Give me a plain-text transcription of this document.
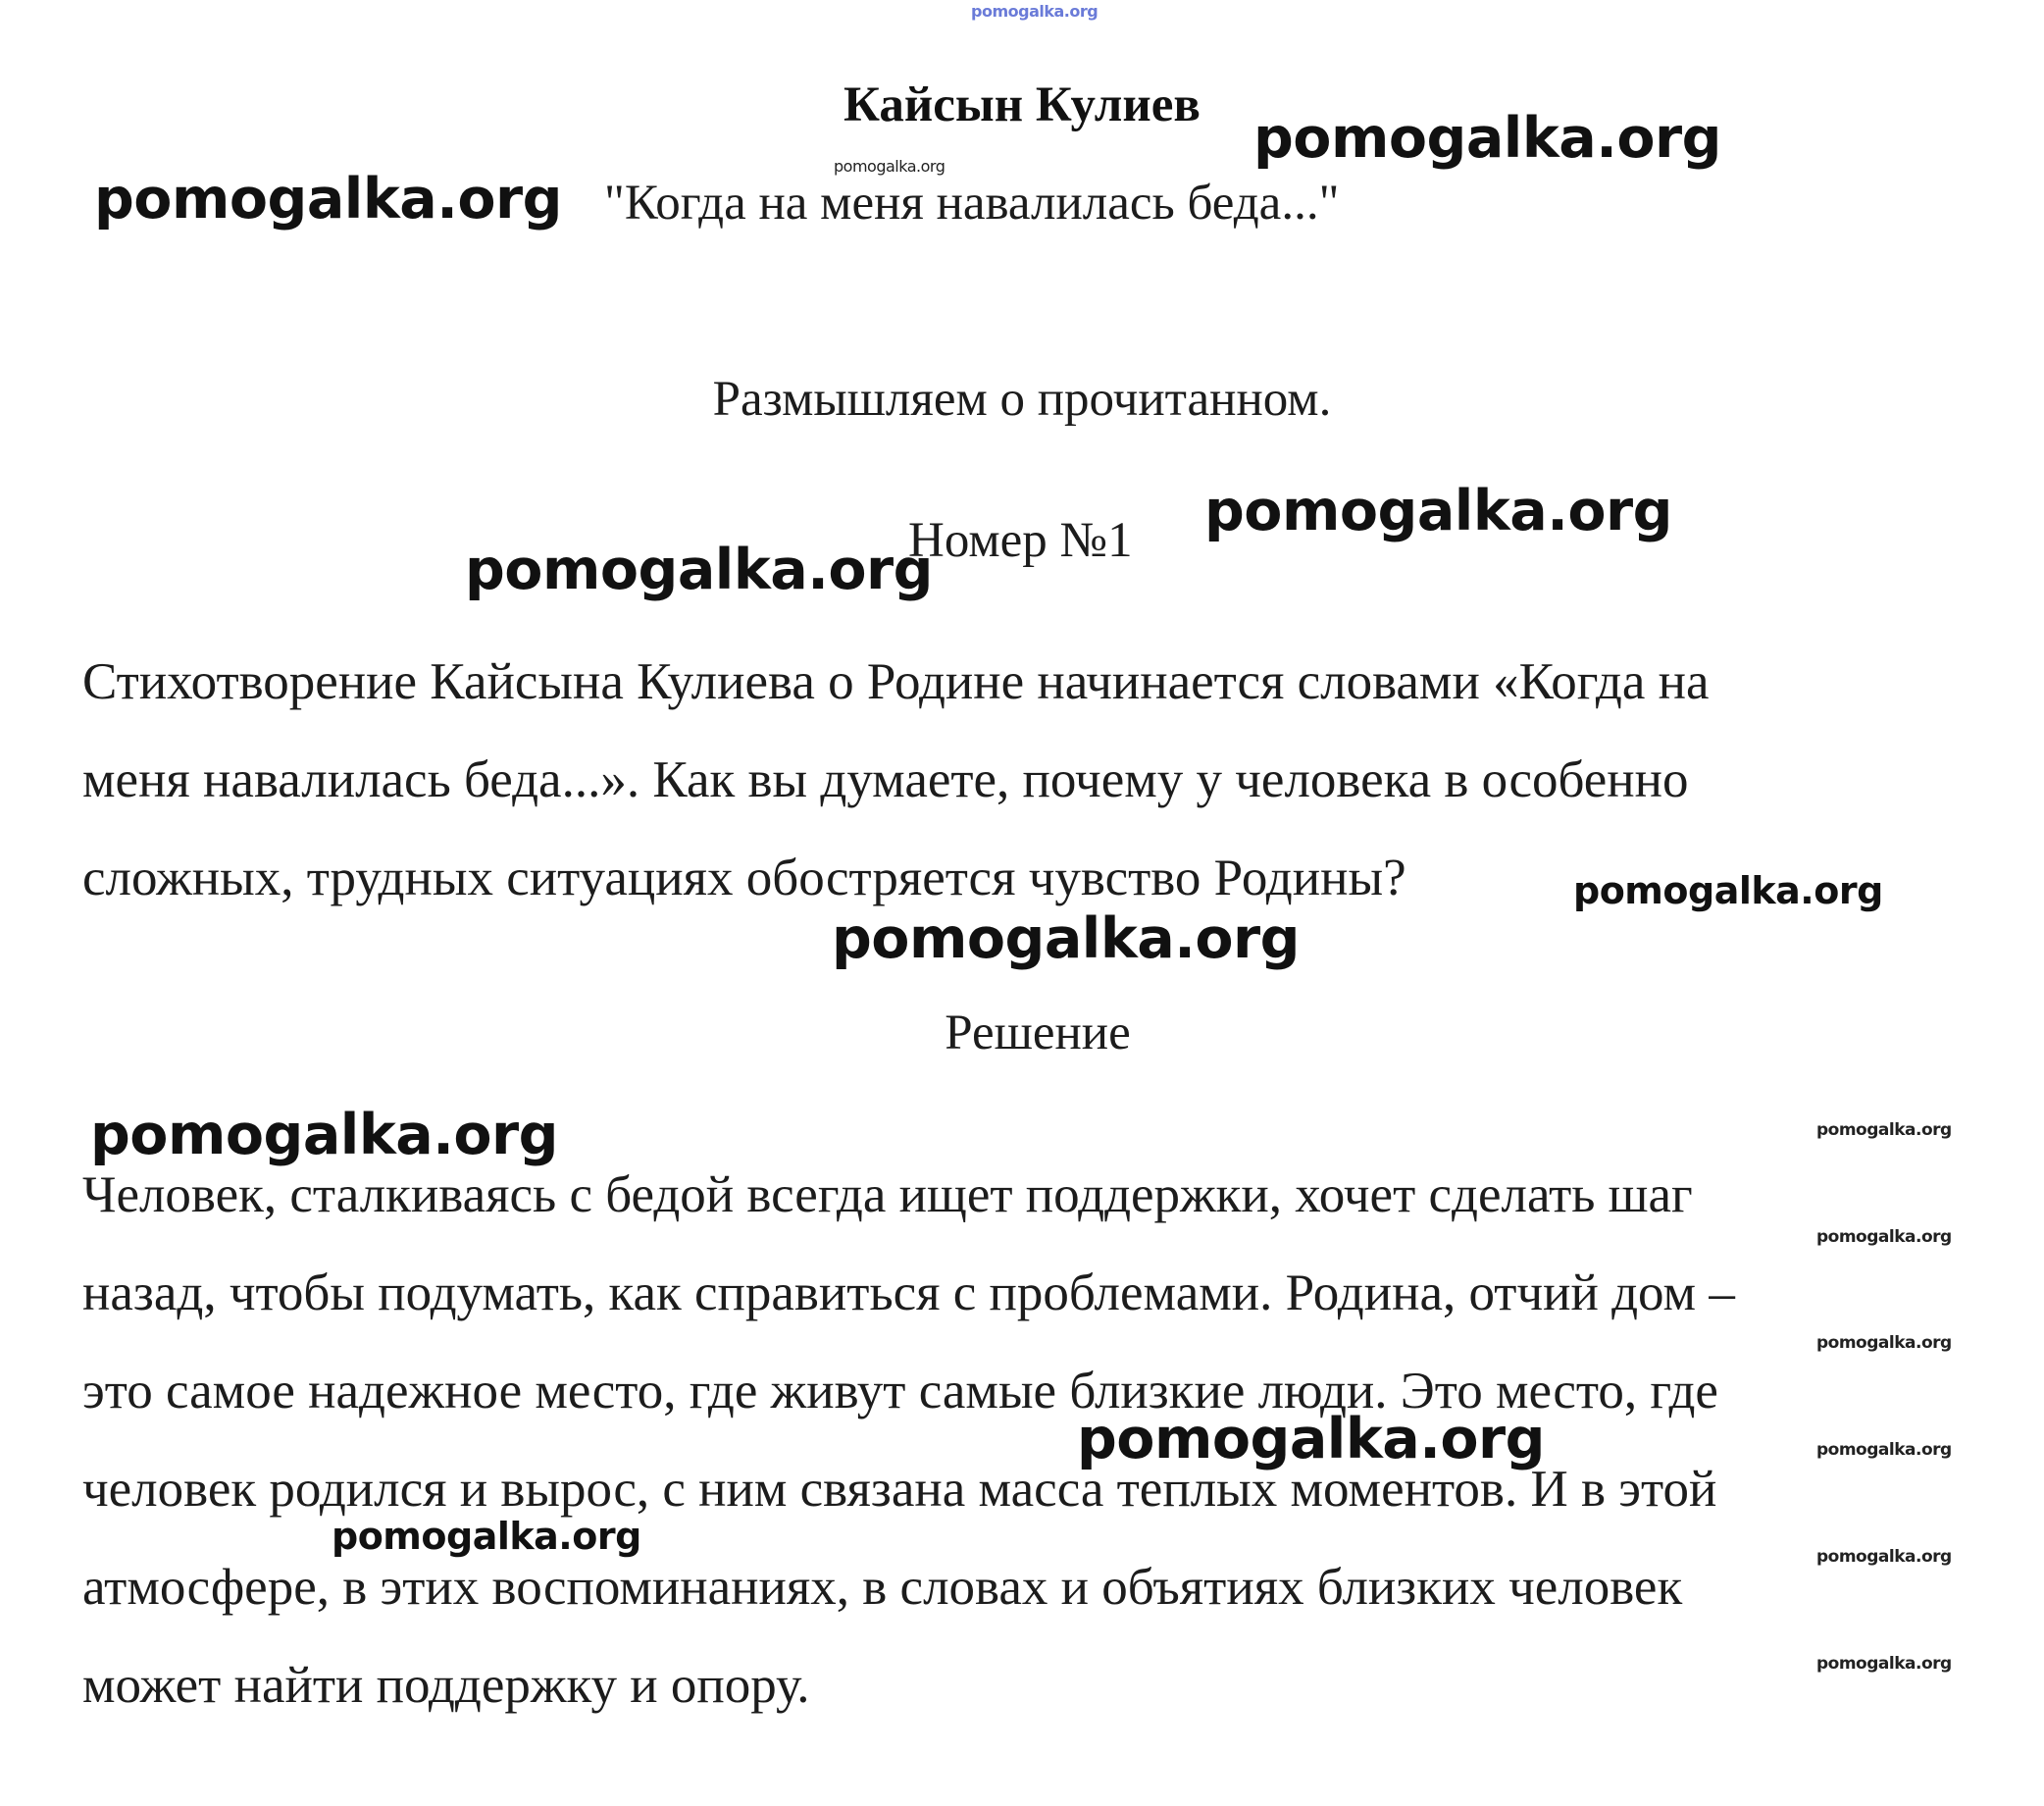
pomogalka.org
Кайсын Кулиев
"Когда на меня навалилась беда..."
pomogalka.org
pomogalka.org
pomogalka.org
Размышляем о прочитанном.
Номер №1 pomogalka.org
pomogalka.org
Стихотворение Кайсына Кулиева о Родине начинается словами «Когда на
меня навалилась беда...». Как вы думаете, почему у человека в особенно
сложных, трудных ситуациях обостряется чувство Родины?	pomogalka.org
pomogalka.org
Решение
pomogalka.org	pomogalka.org
pomogalka.org
pomogalka.org
pomogalka.org
pomogalka.org
pomogalka.org
Человек, сталкиваясь с бедой всегда ищет поддержки, хочет сделать шаг
назад, чтобы подумать, как справиться с проблемами. Родина, отчий дом –
это самое надежное место, где живут самые близкие люди. Это место, где
человек родился и вырос, с ним связана масса теплых моментов. И в этой
атмосфере, в этих воспоминаниях, в словах и объятиях близких человек
может найти поддержку и опору.
pomogalka.org
pomogalka.org
